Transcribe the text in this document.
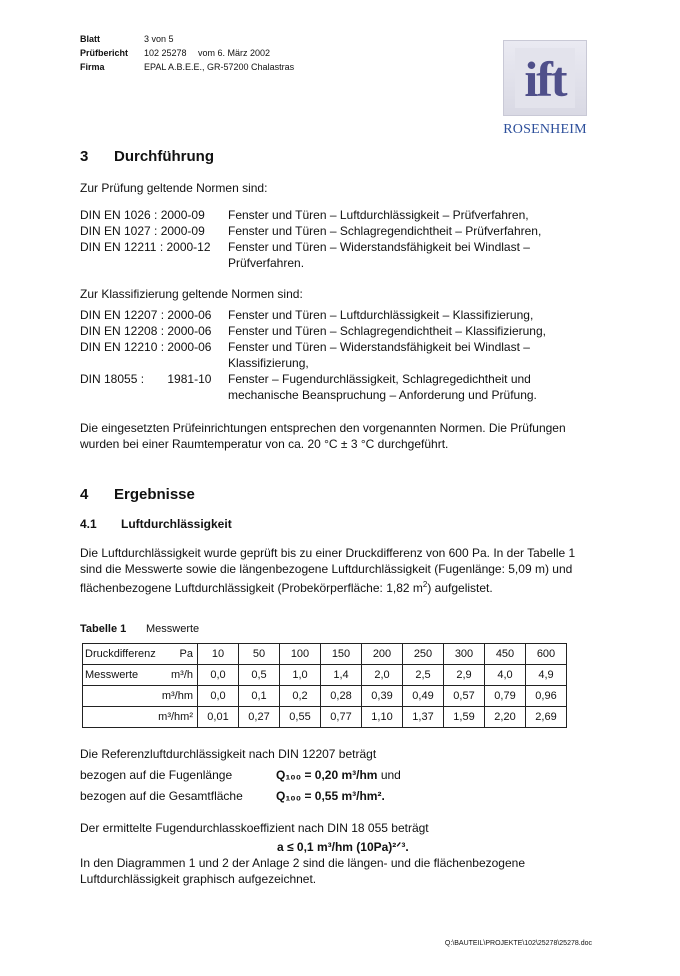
Blatt	3 von 5
Prüfbericht	102 25278	vom 6. März 2002
Firma	EPAL A.B.E.E., GR-57200 Chalastras	ift
ROSENHEIM
3 Durchführung
Zur Prüfung geltende Normen sind:
DIN EN 1026 : 2000-09	Fenster und Türen – Luftdurchlässigkeit – Prüfverfahren,
DIN EN 1027 : 2000-09	Fenster und Türen – Schlagregendichtheit – Prüfverfahren,
DIN EN 12211 : 2000-12	Fenster und Türen – Widerstandsfähigkeit bei Windlast – Prüfverfahren.
Zur Klassifizierung geltende Normen sind:
DIN EN 12207 : 2000-06	Fenster und Türen – Luftdurchlässigkeit – Klassifizierung,
DIN EN 12208 : 2000-06	Fenster und Türen – Schlagregendichtheit – Klassifizierung,
DIN EN 12210 : 2000-06	Fenster und Türen – Widerstandsfähigkeit bei Windlast – Klassifizierung,
DIN 18055 :       1981-10	Fenster – Fugendurchlässigkeit, Schlagregedichtheit und mechanische Beanspruchung – Anforderung und Prüfung.
Die eingesetzten Prüfeinrichtungen entsprechen den vorgenannten Normen. Die Prüfungen wurden bei einer Raumtemperatur von ca. 20 °C ± 3 °C durchgeführt.
4 Ergebnisse
4.1 Luftdurchlässigkeit
Die Luftdurchlässigkeit wurde geprüft bis zu einer Druckdifferenz von 600 Pa. In der Tabelle 1 sind die Messwerte sowie die längenbezogene Luftdurchlässigkeit (Fugenlänge: 5,09 m) und flächenbezogene Luftdurchlässigkeit (Probekörperfläche: 1,82 $m^2$) aufgelistet.
Tabelle 1 Messwerte
Druckdifferenz Pa	10	50	100	150	200	250	300	450	600
Messwerte m³/h	0,0	0,5	1,0	1,4	2,0	2,5	2,9	4,0	4,9

m³/hm	0,0	0,1	0,2	0,28	0,39	0,49	0,57	0,79	0,96

m³/hm²	0,01	0,27	0,55	0,77	1,10	1,37	1,59	2,20	2,69
Die Referenzluftdurchlässigkeit nach DIN 12207 beträgt
bezogen auf die Fugenlänge	Q₁₀₀ = 0,20 m³/hm
und
bezogen auf die Gesamtfläche	Q₁₀₀ = 0,55 m³/hm².
Der ermittelte Fugendurchlasskoeffizient nach DIN 18 055 beträgt
a ≤ 0,1 m³/hm (10Pa)²ᐟ³.
In den Diagrammen 1 und 2 der Anlage 2 sind die längen- und die flächenbezogene Luftdurchlässigkeit graphisch aufgezeichnet.
Q:\BAUTEIL\PROJEKTE\102\25278\25278.doc
